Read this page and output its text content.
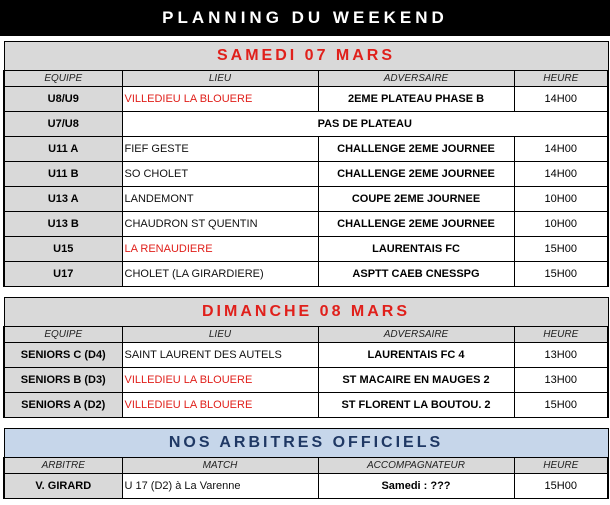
PLANNING DU WEEKEND
SAMEDI 07 MARS			
EQUIPE	LIEU	ADVERSAIRE	HEURE
U8/U9	VILLEDIEU LA BLOUERE	2EME PLATEAU PHASE B	14H00
U7/U8	PAS DE PLATEAU		
U11 A	FIEF GESTE	CHALLENGE 2EME JOURNEE	14H00
U11 B	SO CHOLET	CHALLENGE 2EME JOURNEE	14H00
U13 A	LANDEMONT	COUPE 2EME JOURNEE	10H00
U13 B	CHAUDRON ST QUENTIN	CHALLENGE 2EME JOURNEE	10H00
U15	LA RENAUDIERE	LAURENTAIS FC	15H00
U17	CHOLET (LA GIRARDIERE)	ASPTT CAEB CNESSPG	15H00
DIMANCHE 08 MARS			
EQUIPE	LIEU	ADVERSAIRE	HEURE
SENIORS C (D4)	SAINT LAURENT DES AUTELS	LAURENTAIS FC 4	13H00
SENIORS B (D3)	VILLEDIEU LA BLOUERE	ST MACAIRE EN MAUGES 2	13H00
SENIORS A (D2)	VILLEDIEU LA BLOUERE	ST FLORENT LA BOUTOU. 2	15H00
NOS ARBITRES OFFICIELS			
ARBITRE	MATCH	ACCOMPAGNATEUR	HEURE
V. GIRARD	U 17 (D2) à La Varenne	Samedi : ???	15H00
